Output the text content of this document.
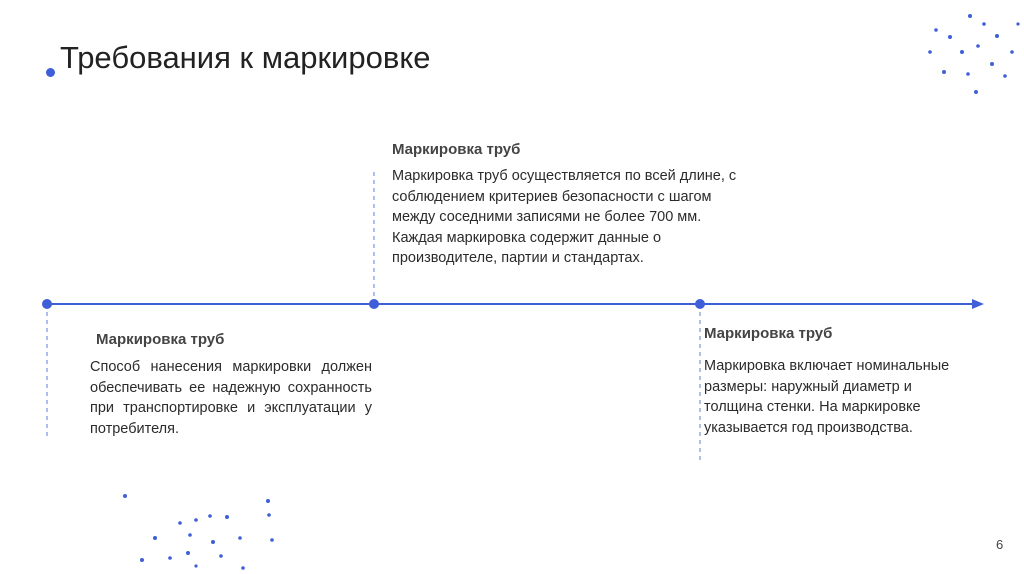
Требования к маркировке
Маркировка труб
Маркировка труб осуществляется по всей длине, с соблюдением критериев безопасности с шагом между соседними записями не более 700 мм. Каждая маркировка содержит данные о производителе, партии и стандартах.
Маркировка труб
Способ нанесения маркировки должен обеспечивать ее надежную сохранность при транспортировке и эксплуатации у потребителя.
Маркировка труб
Маркировка включает номинальные размеры: наружный диаметр и толщина стенки. На маркировке указывается год производства.
6
